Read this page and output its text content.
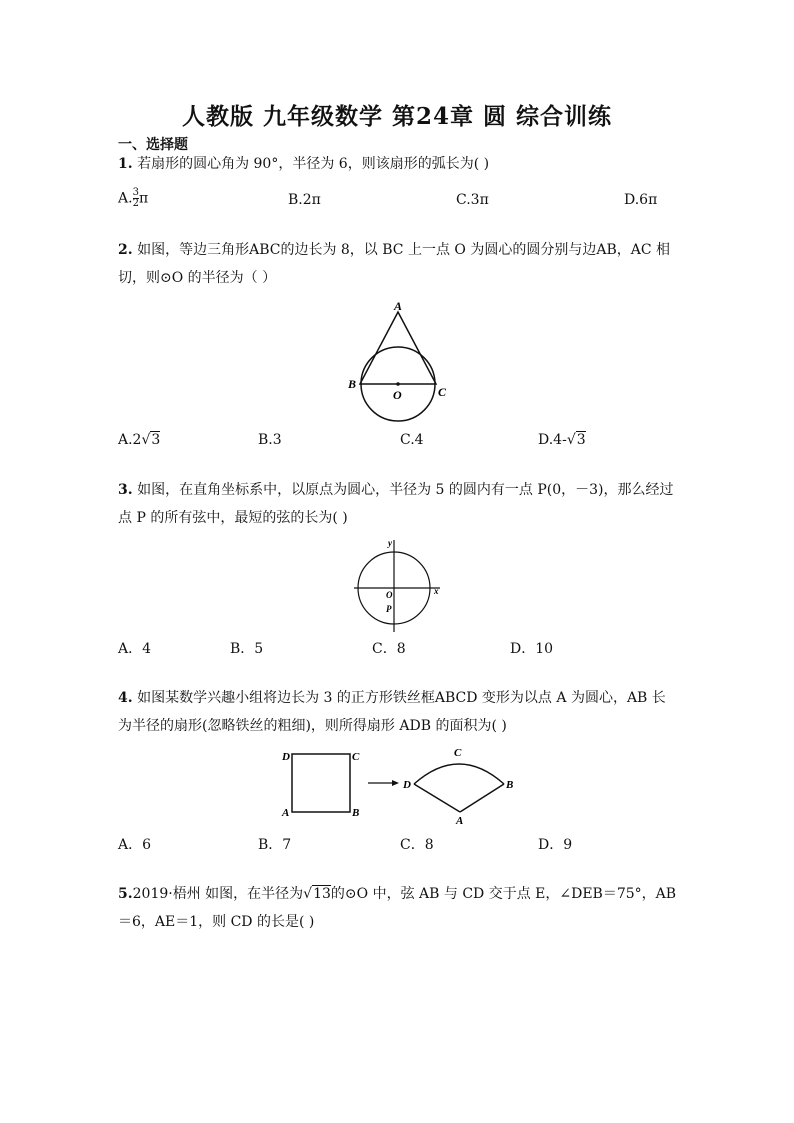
人教版 九年级数学 第24章 圆 综合训练
一、选择题
1. 若扇形的圆心角为 90°，半径为 6，则该扇形的弧长为( )
A. $\frac{3}{2}$ π	B.2π	C.3π	D.6π
2. 如图，等边三角形ABC的边长为 8，以 BC 上一点 O 为圆心的圆分别与边AB，AC 相切，则⊙O 的半径为（ ）
A
B
C
O
A.2√3	B.3	C.4	D.4-√3
3. 如图，在直角坐标系中，以原点为圆心，半径为 5 的圆内有一点 P(0，－3)，那么经过点 P 的所有弦中，最短的弦的长为( )
y
x
O
P
A．4	B．5	C．8	D．10
4. 如图某数学兴趣小组将边长为 3 的正方形铁丝框ABCD 变形为以点 A 为圆心，AB 长为半径的扇形(忽略铁丝的粗细)，则所得扇形 ADB 的面积为( )
D	C
A	B
D
C
B
A
A．6	B．7	C．8	D．9
5.2019·梧州 如图，在半径为√13的⊙O 中，弦 AB 与 CD 交于点 E，∠DEB＝75°，AB＝6，AE＝1，则 CD 的长是( )
